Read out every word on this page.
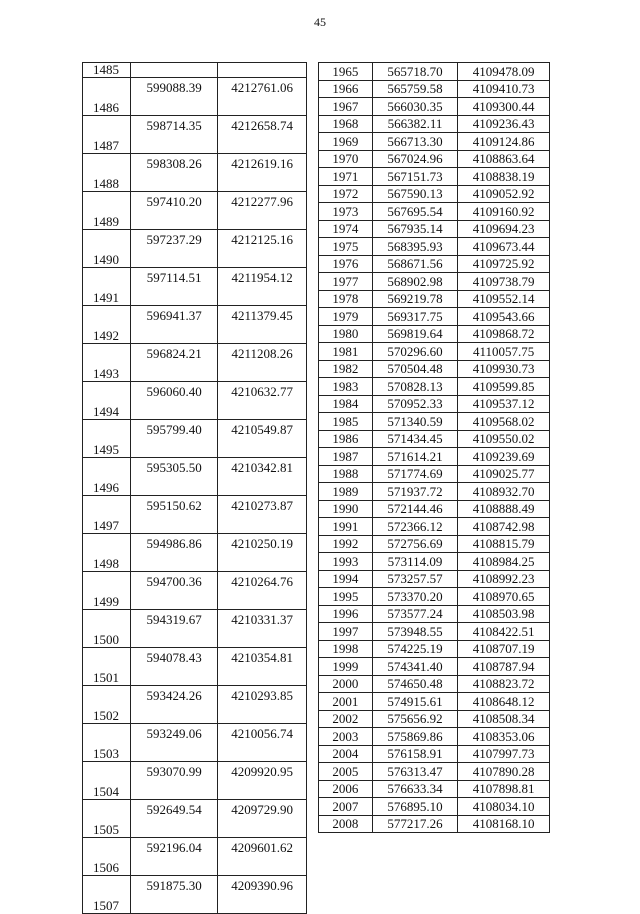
45
1485		
1486	599088.39	4212761.06
1487	598714.35	4212658.74
1488	598308.26	4212619.16
1489	597410.20	4212277.96
1490	597237.29	4212125.16
1491	597114.51	4211954.12
1492	596941.37	4211379.45
1493	596824.21	4211208.26
1494	596060.40	4210632.77
1495	595799.40	4210549.87
1496	595305.50	4210342.81
1497	595150.62	4210273.87
1498	594986.86	4210250.19
1499	594700.36	4210264.76
1500	594319.67	4210331.37
1501	594078.43	4210354.81
1502	593424.26	4210293.85
1503	593249.06	4210056.74
1504	593070.99	4209920.95
1505	592649.54	4209729.90
1506	592196.04	4209601.62
1507	591875.30	4209390.96
1965	565718.70	4109478.09
1966	565759.58	4109410.73
1967	566030.35	4109300.44
1968	566382.11	4109236.43
1969	566713.30	4109124.86
1970	567024.96	4108863.64
1971	567151.73	4108838.19
1972	567590.13	4109052.92
1973	567695.54	4109160.92
1974	567935.14	4109694.23
1975	568395.93	4109673.44
1976	568671.56	4109725.92
1977	568902.98	4109738.79
1978	569219.78	4109552.14
1979	569317.75	4109543.66
1980	569819.64	4109868.72
1981	570296.60	4110057.75
1982	570504.48	4109930.73
1983	570828.13	4109599.85
1984	570952.33	4109537.12
1985	571340.59	4109568.02
1986	571434.45	4109550.02
1987	571614.21	4109239.69
1988	571774.69	4109025.77
1989	571937.72	4108932.70
1990	572144.46	4108888.49
1991	572366.12	4108742.98
1992	572756.69	4108815.79
1993	573114.09	4108984.25
1994	573257.57	4108992.23
1995	573370.20	4108970.65
1996	573577.24	4108503.98
1997	573948.55	4108422.51
1998	574225.19	4108707.19
1999	574341.40	4108787.94
2000	574650.48	4108823.72
2001	574915.61	4108648.12
2002	575656.92	4108508.34
2003	575869.86	4108353.06
2004	576158.91	4107997.73
2005	576313.47	4107890.28
2006	576633.34	4107898.81
2007	576895.10	4108034.10
2008	577217.26	4108168.10
